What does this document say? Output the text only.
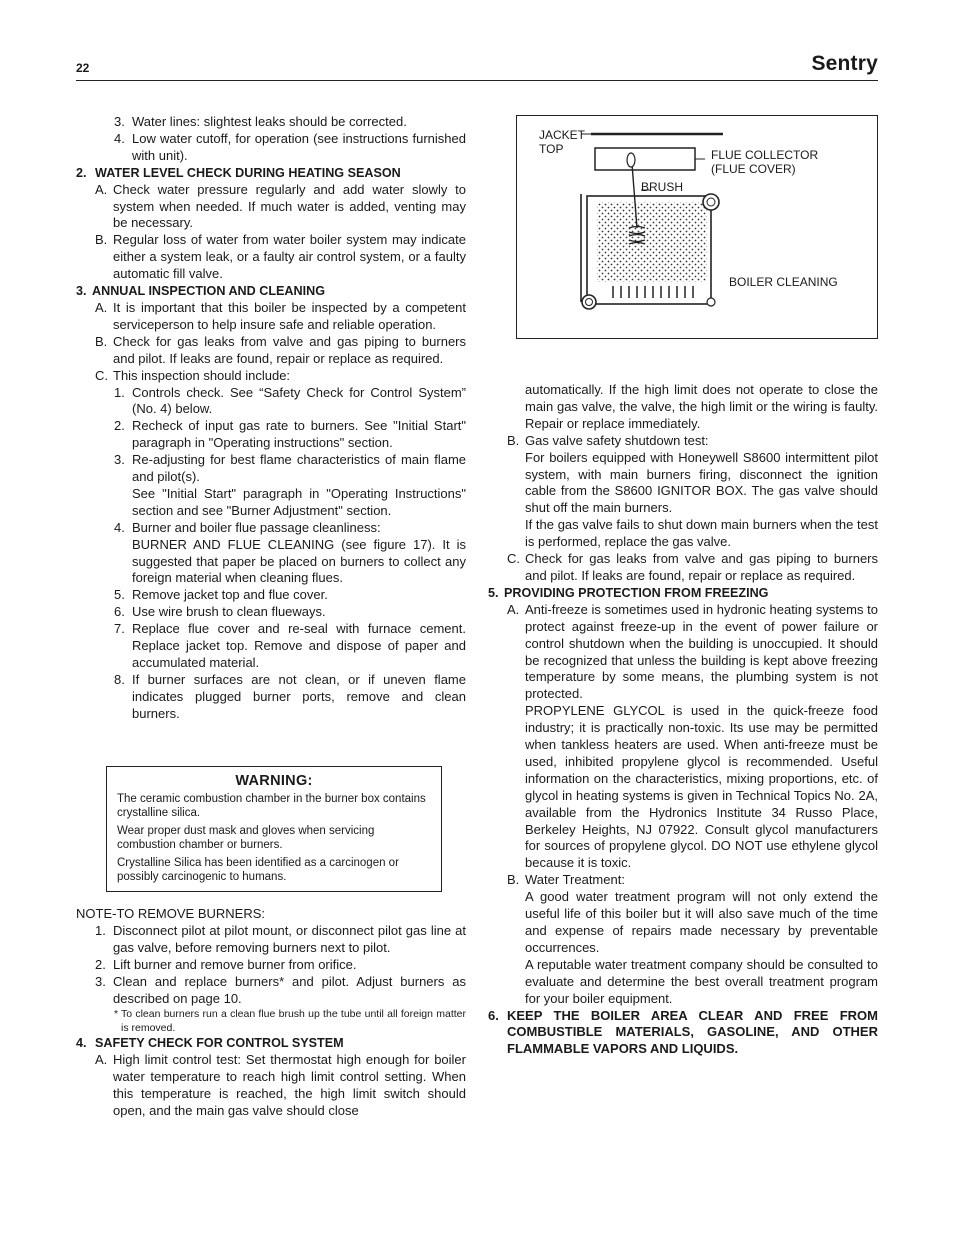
22	Sentry
3. Water lines: slightest leaks should be corrected.
4. Low water cutoff, for operation (see instructions furnished with unit).
2. WATER LEVEL CHECK DURING HEATING SEASON
A. Check water pressure regularly and add water slowly to system when needed. If much water is added, venting may be necessary.
B. Regular loss of water from water boiler system may indicate either a system leak, or a faulty air control system, or a faulty automatic fill valve.
3. ANNUAL INSPECTION AND CLEANING
A. It is important that this boiler be inspected by a competent serviceperson to help insure safe and reliable operation.
B. Check for gas leaks from valve and gas piping to burners and pilot. If leaks are found, repair or replace as required.
C. This inspection should include:
1. Controls check. See “Safety Check for Control System” (No. 4) below.
2. Recheck of input gas rate to burners. See "Initial Start" paragraph in "Operating instructions" section.
3. Re-adjusting for best flame characteristics of main flame and pilot(s).
See "Initial Start" paragraph in "Operating Instructions" section and see "Burner Adjustment" section.
4. Burner and boiler flue passage cleanliness:
BURNER AND FLUE CLEANING (see figure 17). It is suggested that paper be placed on burners to collect any foreign material when cleaning flues.
5. Remove jacket top and flue cover.
6. Use wire brush to clean flueways.
7. Replace flue cover and re-seal with furnace cement. Replace jacket top. Remove and dispose of paper and accumulated material.
8. If burner surfaces are not clean, or if uneven flame indicates plugged burner ports, remove and clean burners.
WARNING:
The ceramic combustion chamber in the burner box contains crystalline silica.
Wear proper dust mask and gloves when servicing combustion chamber or burners.
Crystalline Silica has been identified as a carcinogen or possibly carcinogenic to humans.
NOTE-TO REMOVE BURNERS:
1. Disconnect pilot at pilot mount, or disconnect pilot gas line at gas valve, before removing burners next to pilot.
2. Lift burner and remove burner from orifice.
3. Clean and replace burners* and pilot. Adjust burners as described on page 10.
* To clean burners run a clean flue brush up the tube until all foreign matter is removed.
4. SAFETY CHECK FOR CONTROL SYSTEM
A. High limit control test: Set thermostat high enough for boiler water temperature to reach high limit control setting. When this temperature is reached, the high limit switch should open, and the main gas valve should close
JACKET
TOP	FLUE COLLECTOR
(FLUE COVER)
BRUSH
BOILER CLEANING
automatically. If the high limit does not operate to close the main gas valve, the valve, the high limit or the wiring is faulty. Repair or replace immediately.
B. Gas valve safety shutdown test:
For boilers equipped with Honeywell S8600 intermittent pilot system, with main burners firing, disconnect the ignition cable from the S8600 IGNITOR BOX. The gas valve should shut off the main burners.
If the gas valve fails to shut down main burners when the test is performed, replace the gas valve.
C. Check for gas leaks from valve and gas piping to burners and pilot. If leaks are found, repair or replace as required.
5. PROVIDING PROTECTION FROM FREEZING
A. Anti-freeze is sometimes used in hydronic heating systems to protect against freeze-up in the event of power failure or control shutdown when the building is unoccupied. It should be recognized that unless the building is kept above freezing temperature by some means, the plumbing system is not protected.
PROPYLENE GLYCOL is used in the quick-freeze food industry; it is practically non-toxic. Its use may be permitted when tankless heaters are used. When anti-freeze must be used, inhibited propylene glycol is recommended. Useful information on the characteristics, mixing proportions, etc. of glycol in heating systems is given in Technical Topics No. 2A, available from the Hydronics Institute 34 Russo Place, Berkeley Heights, NJ 07922. Consult glycol manufacturers for sources of propylene glycol. DO NOT use ethylene glycol because it is toxic.
B. Water Treatment:
A good water treatment program will not only extend the useful life of this boiler but it will also save much of the time and expense of repairs made necessary by preventable occurrences.
A reputable water treatment company should be consulted to evaluate and determine the best overall treatment program for your boiler equipment.
6. KEEP THE BOILER AREA CLEAR AND FREE FROM COMBUSTIBLE MATERIALS, GASOLINE, AND OTHER FLAMMABLE VAPORS AND LIQUIDS.
